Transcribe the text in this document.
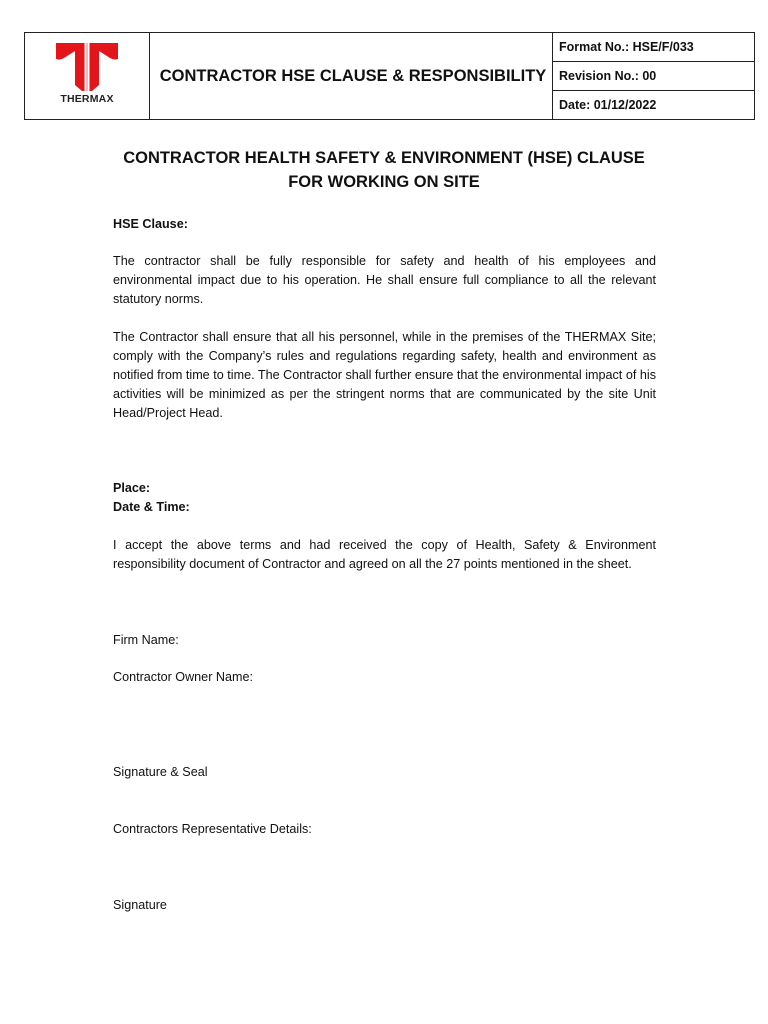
THERMAX
	CONTRACTOR HSE CLAUSE & RESPONSIBILITY	Format No.: HSE/F/033
Revision No.: 00
Date: 01/12/2022
CONTRACTOR HEALTH SAFETY & ENVIRONMENT (HSE) CLAUSE
FOR WORKING ON SITE
HSE Clause:
The contractor shall be fully responsible for safety and health of his employees and environmental impact due to his operation. He shall ensure full compliance to all the relevant statutory norms.
The Contractor shall ensure that all his personnel, while in the premises of the THERMAX Site; comply with the Company’s rules and regulations regarding safety, health and environment as notified from time to time. The Contractor shall further ensure that the environmental impact of his activities will be minimized as per the stringent norms that are communicated by the site Unit Head/Project Head.
Place:
Date & Time:
I accept the above terms and had received the copy of Health, Safety & Environment responsibility document of Contractor and agreed on all the 27 points mentioned in the sheet.
Firm Name:
Contractor Owner Name:
Signature & Seal
Contractors Representative Details:
Signature
